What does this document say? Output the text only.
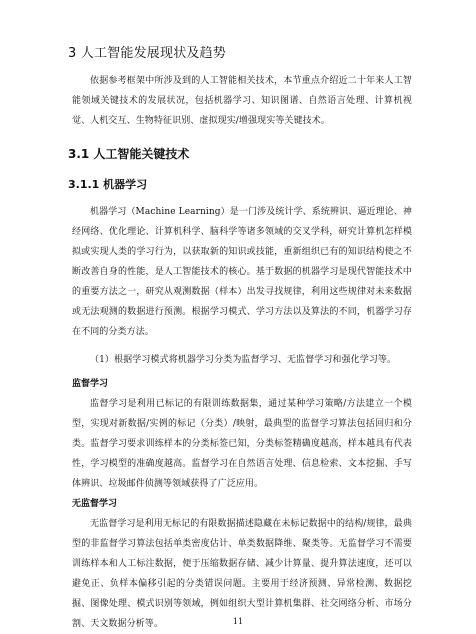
3 人工智能发展现状及趋势

依据参考框架中所涉及到的人工智能相关技术，本节重点介绍近二十年来人工智能领域关键技术的发展状况，包括机器学习、知识图谱、自然语言处理、计算机视觉、人机交互、生物特征识别、虚拟现实/增强现实等关键技术。

3.1 人工智能关键技术
3.1.1 机器学习

机器学习（Machine Learning）是一门涉及统计学、系统辨识、逼近理论、神经网络、优化理论、计算机科学、脑科学等诸多领域的交叉学科，研究计算机怎样模拟或实现人类的学习行为，以获取新的知识或技能，重新组织已有的知识结构使之不断改善自身的性能，是人工智能技术的核心。基于数据的机器学习是现代智能技术中的重要方法之一，研究从观测数据（样本）出发寻找规律，利用这些规律对未来数据或无法观测的数据进行预测。根据学习模式、学习方法以及算法的不同，机器学习存在不同的分类方法。

（1）根据学习模式将机器学习分类为监督学习、无监督学习和强化学习等。

监督学习

监督学习是利用已标记的有限训练数据集，通过某种学习策略/方法建立一个模型，实现对新数据/实例的标记（分类）/映射，最典型的监督学习算法包括回归和分类。监督学习要求训练样本的分类标签已知，分类标签精确度越高，样本越具有代表性，学习模型的准确度越高。监督学习在自然语言处理、信息检索、文本挖掘、手写体辨识、垃圾邮件侦测等领域获得了广泛应用。

无监督学习

无监督学习是利用无标记的有限数据描述隐藏在未标记数据中的结构/规律，最典型的非监督学习算法包括单类密度估计、单类数据降维、聚类等。无监督学习不需要训练样本和人工标注数据，便于压缩数据存储、减少计算量、提升算法速度，还可以避免正、负样本偏移引起的分类错误问题。主要用于经济预测、异常检测、数据挖掘、图像处理、模式识别等领域，例如组织大型计算机集群、社交网络分析、市场分割、天文数据分析等。	11
